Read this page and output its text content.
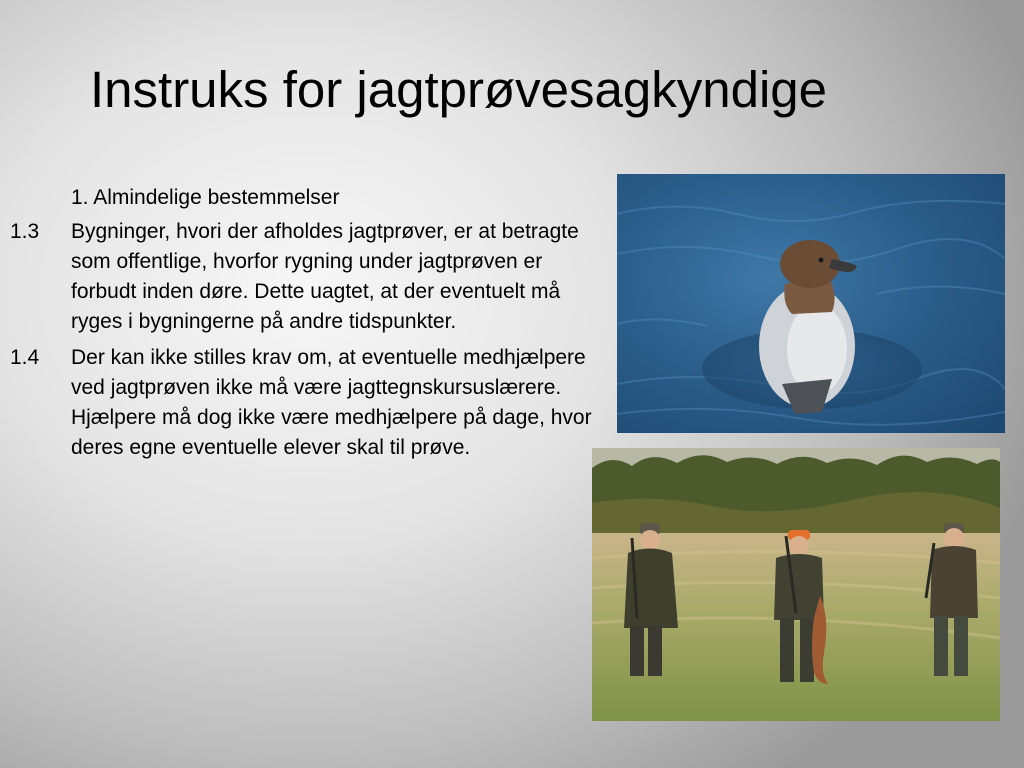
Instruks for jagtprøvesagkyndige
1. Almindelige bestemmelser
1.3 Bygninger, hvori der afholdes jagtprøver, er at betragte som offentlige, hvorfor rygning under jagtprøven er forbudt inden døre. Dette uagtet, at der eventuelt må ryges i bygningerne på andre tidspunkter.
1.4 Der kan ikke stilles krav om, at eventuelle medhjælpere ved jagtprøven ikke må være jagttegnskursuslærere. Hjælpere må dog ikke være medhjælpere på dage, hvor deres egne eventuelle elever skal til prøve.
